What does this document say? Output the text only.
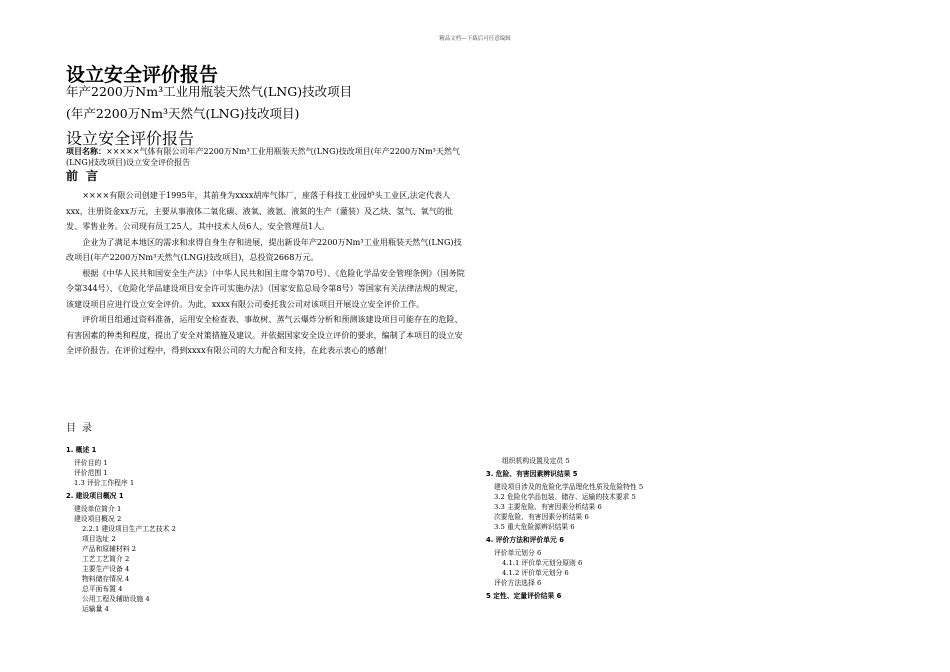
精品文档---下载后可任意编辑
设立安全评价报告
年产2200万Nm³工业用瓶装天然气(LNG)技改项目
(年产2200万Nm³天然气(LNG)技改项目)
设立安全评价报告
项目名称：×××××气体有限公司年产2200万Nm³工业用瓶装天然气(LNG)技改项目(年产2200万Nm³天然气(LNG)技改项目)设立安全评价报告
前言

××××有限公司创建于1995年，其前身为xxxx胡库气体厂，座落于科技工业园炉头工业区,法定代表人xxx，注册资金xx万元，主要从事液体二氧化碳、液氧、液氩、液氮的生产（灌装）及乙炔、氢气、氧气的批发、零售业务。公司现有员工25人，其中技术人员6人，安全管理员1人。

企业为了满足本地区的需求和求得自身生存和进展，提出新设年产2200万Nm³工业用瓶装天然气(LNG)技改项目(年产2200万Nm³天然气(LNG)技改项目)，总投资2668万元。

根据《中华人民共和国安全生产法》（中华人民共和国主席令第70号）、《危险化学品安全管理条例》（国务院令第344号）、《危险化学品建设项目安全许可实施办法》（国家安监总局令第8号）等国家有关法律法规的规定，该建设项目应进行设立安全评价。为此，xxxx有限公司委托我公司对该项目开展设立安全评价工作。

评价项目组通过资料准备，运用安全检查表、事故树、蒸气云爆炸分析和预测该建设项目可能存在的危险、有害因素的种类和程度，提出了安全对策措施及建议。并依据国家安全设立评价的要求，编制了本项目的设立安全评价报告。在评价过程中，得到xxxx有限公司的大力配合和支持，在此表示衷心的感谢！

目录
1. 概述 1
评价目的 1
评价范围 1
1.3 评价工作程序 1
2. 建设项目概况 1
建设单位简介 1
建设项目概况 2
2.2.1 建设项目生产工艺技术 2
项目选址 2
产品和原辅材料 2
工艺工艺简介 2
主要生产设备 4
物料储存情况 4
总平面布置 4
公用工程及辅助设施 4
运输量 4
组织机构设置及定员 5
3. 危险、有害因素辨识结果 5
建设项目涉及的危险化学品理化性质及危险特性 5
3.2 危险化学品包装、储存、运输的技术要求 5
3.3 主要危险、有害因素分析结果 6
次要危险、有害因素分析结果 6
3.5 重大危险源辨识结果 6
4. 评价方法和评价单元 6
评价单元划分 6
4.1.1 评价单元划分原则 6
4.1.2 评价单元划分 6
评价方法选择 6
5 定性、定量评价结果 6
